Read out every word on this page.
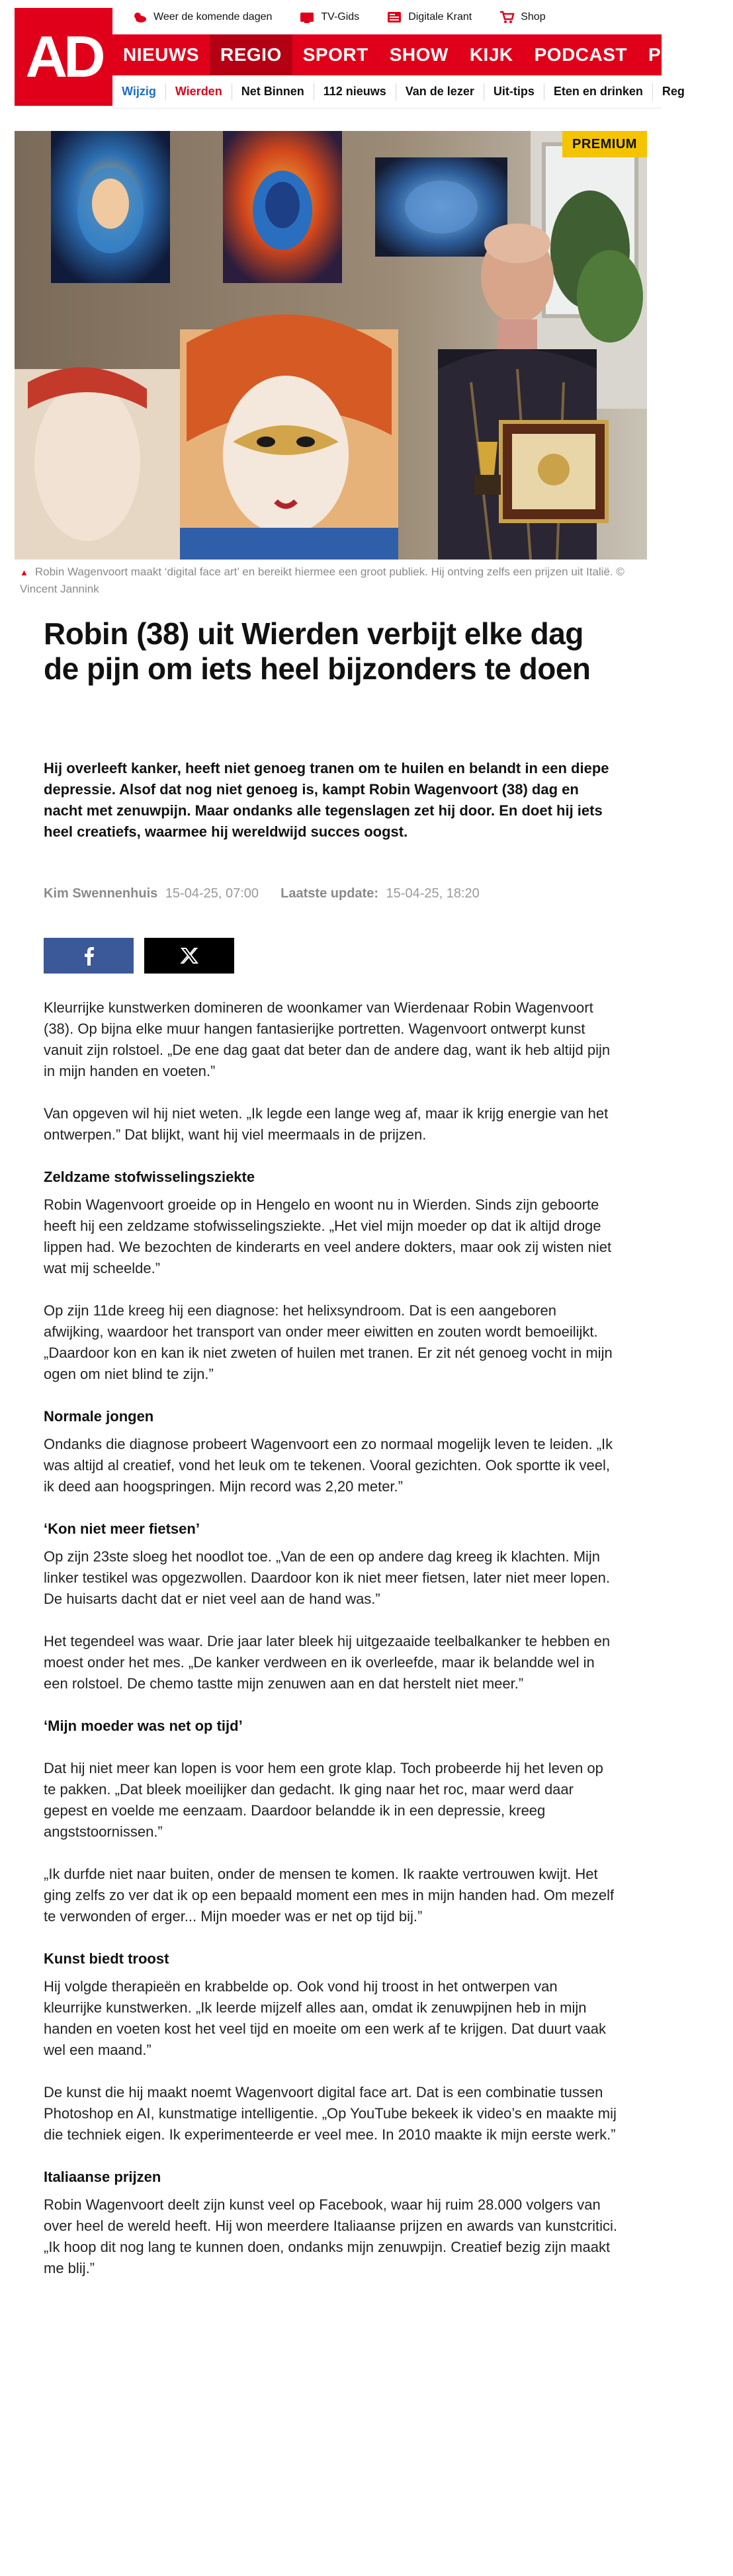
AD
Weer de komende dagen	TV-Gids	Digitale Krant	Shop
NIEUWS	REGIO	SPORT	SHOW	KIJK	PODCAST	PUZZEL
Wijzig	Wierden	Net Binnen	112 nieuws	Van de lezer	Uit-tips	Eten en drinken	Reg
PREMIUM
▲ Robin Wagenvoort maakt ‘digital face art’ en bereikt hiermee een groot publiek. Hij ontving zelfs een prijzen uit Italië. © Vincent Jannink
Robin (38) uit Wierden verbijt elke dag de pijn om iets heel bijzonders te doen

Hij overleeft kanker, heeft niet genoeg tranen om te huilen en belandt in een diepe depressie. Alsof dat nog niet genoeg is, kampt Robin Wagenvoort (38) dag en nacht met zenuwpijn. Maar ondanks alle tegenslagen zet hij door. En doet hij iets heel creatiefs, waarmee hij wereldwijd succes oogst.

Kim Swennenhuis 15-04-25, 07:00 Laatste update: 15-04-25, 18:20

Kleurrijke kunstwerken domineren de woonkamer van Wierdenaar Robin Wagenvoort (38). Op bijna elke muur hangen fantasierijke portretten. Wagenvoort ontwerpt kunst vanuit zijn rolstoel. „De ene dag gaat dat beter dan de andere dag, want ik heb altijd pijn in mijn handen en voeten.”

Van opgeven wil hij niet weten. „Ik legde een lange weg af, maar ik krijg energie van het ontwerpen.” Dat blijkt, want hij viel meermaals in de prijzen.

Zeldzame stofwisselingsziekte

Robin Wagenvoort groeide op in Hengelo en woont nu in Wierden. Sinds zijn geboorte heeft hij een zeldzame stofwisselingsziekte. „Het viel mijn moeder op dat ik altijd droge lippen had. We bezochten de kinderarts en veel andere dokters, maar ook zij wisten niet wat mij scheelde.”

Op zijn 11de kreeg hij een diagnose: het helixsyndroom. Dat is een aangeboren afwijking, waardoor het transport van onder meer eiwitten en zouten wordt bemoeilijkt. „Daardoor kon en kan ik niet zweten of huilen met tranen. Er zit nét genoeg vocht in mijn ogen om niet blind te zijn.”

Normale jongen

Ondanks die diagnose probeert Wagenvoort een zo normaal mogelijk leven te leiden. „Ik was altijd al creatief, vond het leuk om te tekenen. Vooral gezichten. Ook sportte ik veel, ik deed aan hoogspringen. Mijn record was 2,20 meter.”

‘Kon niet meer fietsen’

Op zijn 23ste sloeg het noodlot toe. „Van de een op andere dag kreeg ik klachten. Mijn linker testikel was opgezwollen. Daardoor kon ik niet meer fietsen, later niet meer lopen. De huisarts dacht dat er niet veel aan de hand was.”

Het tegendeel was waar. Drie jaar later bleek hij uitgezaaide teelbalkanker te hebben en moest onder het mes. „De kanker verdween en ik overleefde, maar ik belandde wel in een rolstoel. De chemo tastte mijn zenuwen aan en dat herstelt niet meer.”

‘Mijn moeder was net op tijd’

Dat hij niet meer kan lopen is voor hem een grote klap. Toch probeerde hij het leven op te pakken. „Dat bleek moeilijker dan gedacht. Ik ging naar het roc, maar werd daar gepest en voelde me eenzaam. Daardoor belandde ik in een depressie, kreeg angststoornissen.”

„Ik durfde niet naar buiten, onder de mensen te komen. Ik raakte vertrouwen kwijt. Het ging zelfs zo ver dat ik op een bepaald moment een mes in mijn handen had. Om mezelf te verwonden of erger... Mijn moeder was er net op tijd bij.”

Kunst biedt troost

Hij volgde therapieën en krabbelde op. Ook vond hij troost in het ontwerpen van kleurrijke kunstwerken. „Ik leerde mijzelf alles aan, omdat ik zenuwpijnen heb in mijn handen en voeten kost het veel tijd en moeite om een werk af te krijgen. Dat duurt vaak wel een maand.”

De kunst die hij maakt noemt Wagenvoort digital face art. Dat is een combinatie tussen Photoshop en AI, kunstmatige intelligentie. „Op YouTube bekeek ik video’s en maakte mij die techniek eigen. Ik experimenteerde er veel mee. In 2010 maakte ik mijn eerste werk.”

Italiaanse prijzen

Robin Wagenvoort deelt zijn kunst veel op Facebook, waar hij ruim 28.000 volgers van over heel de wereld heeft. Hij won meerdere Italiaanse prijzen en awards van kunstcritici. „Ik hoop dit nog lang te kunnen doen, ondanks mijn zenuwpijn. Creatief bezig zijn maakt me blij.”
